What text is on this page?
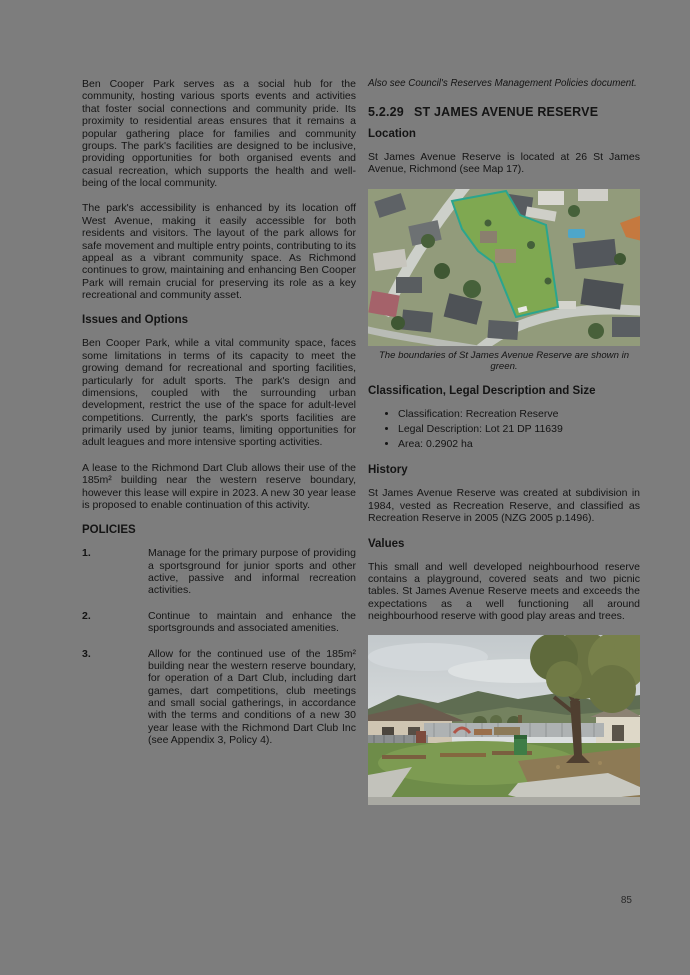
Ben Cooper Park serves as a social hub for the community, hosting various sports events and activities that foster social connections and community pride. Its proximity to residential areas ensures that it remains a popular gathering place for families and community groups. The park's facilities are designed to be inclusive, providing opportunities for both organised events and casual recreation, which supports the health and well-being of the local community.

The park's accessibility is enhanced by its location off West Avenue, making it easily accessible for both residents and visitors. The layout of the park allows for safe movement and multiple entry points, contributing to its appeal as a vibrant community space. As Richmond continues to grow, maintaining and enhancing Ben Cooper Park will remain crucial for preserving its role as a key recreational and community asset.

Issues and Options

Ben Cooper Park, while a vital community space, faces some limitations in terms of its capacity to meet the growing demand for recreational and sporting facilities, particularly for adult sports. The park's design and dimensions, coupled with the surrounding urban development, restrict the use of the space for adult-level competitions. Currently, the park's sports facilities are primarily used by junior teams, limiting opportunities for adult leagues and more intensive sporting activities.

A lease to the Richmond Dart Club allows their use of the 185m² building near the western reserve boundary, however this lease will expire in 2023. A new 30 year lease is proposed to enable continuation of this activity.

POLICIES
1.	Manage for the primary purpose of providing a sportsground for junior sports and other active, passive and informal recreation activities.
2.	Continue to maintain and enhance the sportsgrounds and associated amenities.
3.	Allow for the continued use of the 185m² building near the western reserve boundary, for operation of a Dart Club, including dart games, dart competitions, club meetings and small social gatherings, in accordance with the terms and conditions of a new 30 year lease with the Richmond Dart Club Inc (see Appendix 3, Policy 4).

Also see Council's Reserves Management Policies document.

5.2.29 ST JAMES AVENUE RESERVE
Location

St James Avenue Reserve is located at 26 St James Avenue, Richmond (see Map 17).

The boundaries of St James Avenue Reserve are shown in green.

Classification, Legal Description and Size
• Classification: Recreation Reserve
• Legal Description: Lot 21 DP 11639
• Area: 0.2902 ha
History

St James Avenue Reserve was created at subdivision in 1984, vested as Recreation Reserve, and classified as Recreation Reserve in 2005 (NZG 2005 p.1496).

Values

This small and well developed neighbourhood reserve contains a playground, covered seats and two picnic tables. St James Avenue Reserve meets and exceeds the expectations as a well functioning all around neighbourhood reserve with good play areas and trees.

85
